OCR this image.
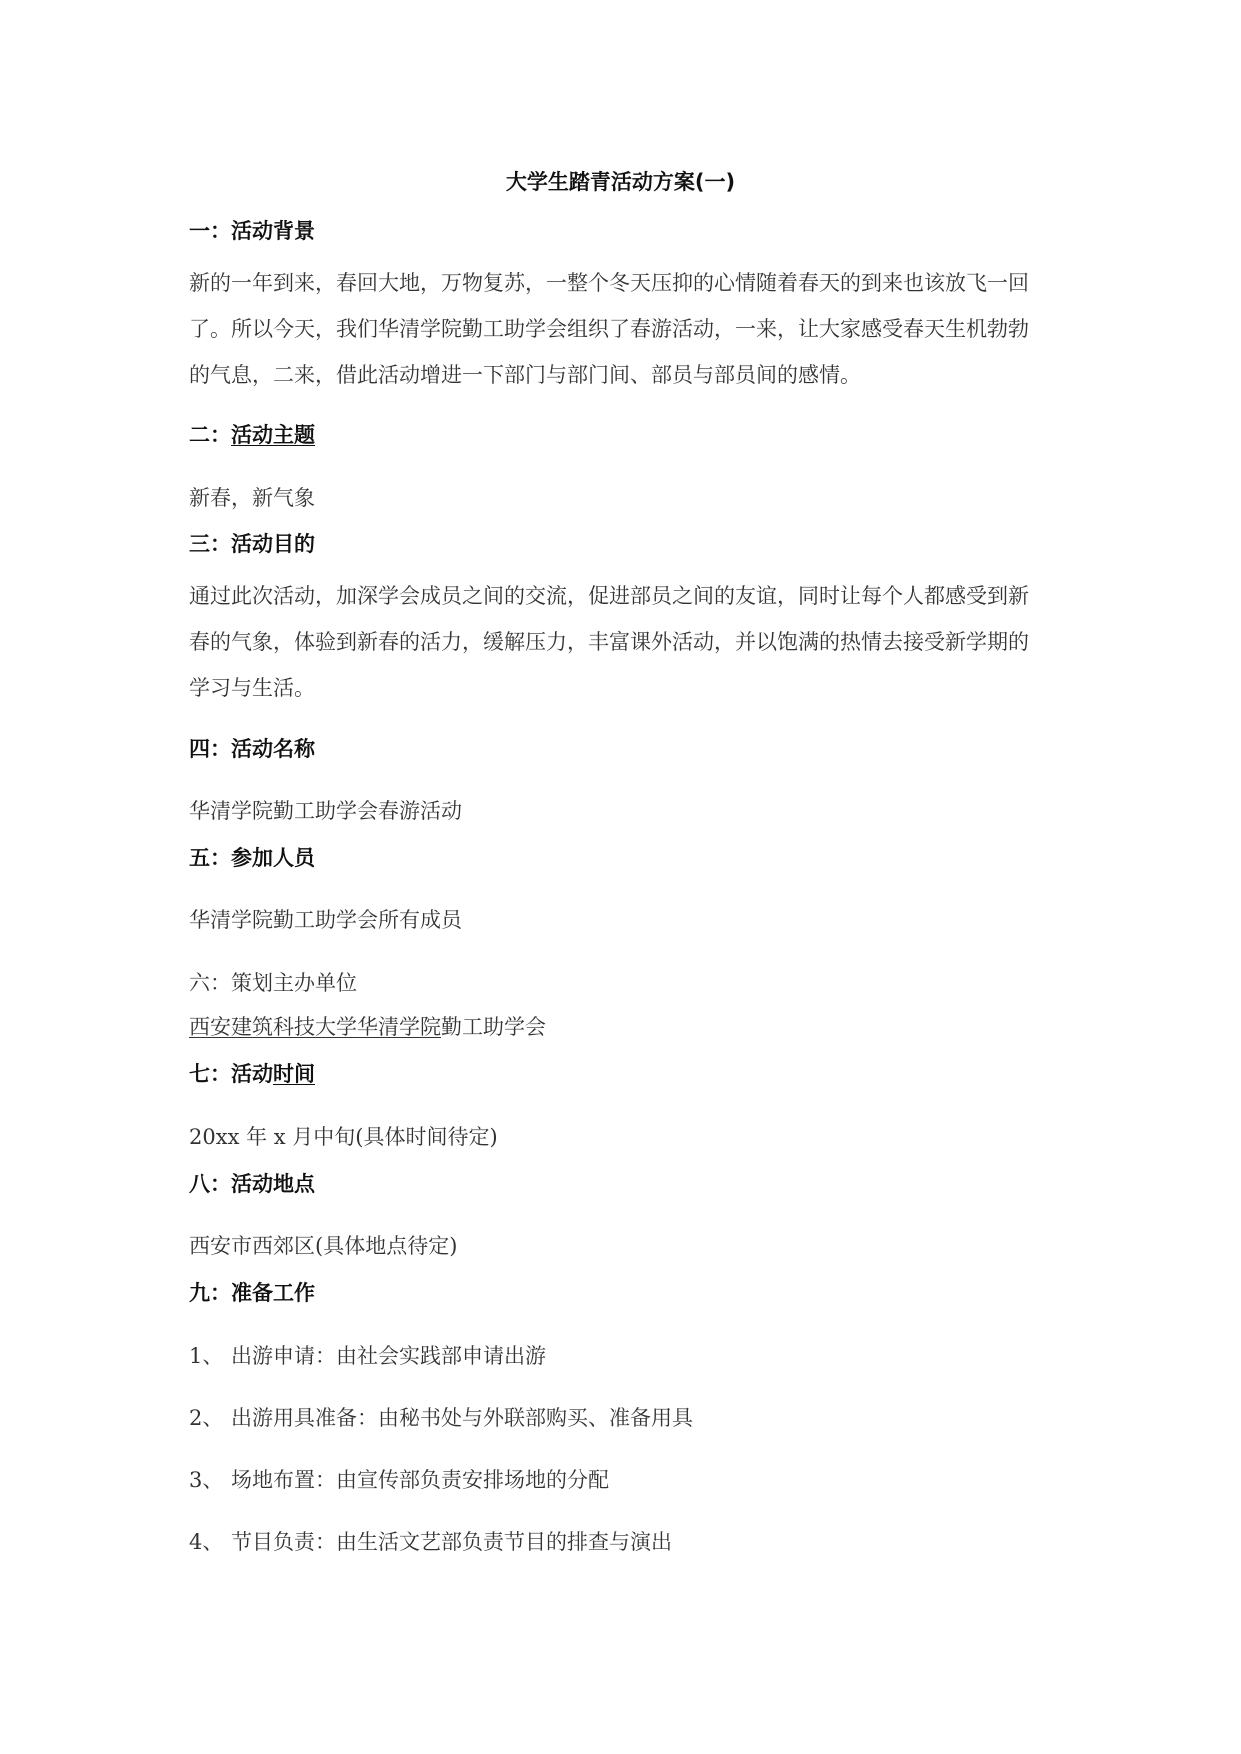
大学生踏青活动方案(一)
一：活动背景
新的一年到来，春回大地，万物复苏，一整个冬天压抑的心情随着春天的到来也该放飞一回
了。所以今天，我们华清学院勤工助学会组织了春游活动，一来，让大家感受春天生机勃勃
的气息，二来，借此活动增进一下部门与部门间、部员与部员间的感情。
二：活动主题
新春，新气象
三：活动目的
通过此次活动，加深学会成员之间的交流，促进部员之间的友谊，同时让每个人都感受到新
春的气象，体验到新春的活力，缓解压力，丰富课外活动，并以饱满的热情去接受新学期的
学习与生活。
四：活动名称
华清学院勤工助学会春游活动
五：参加人员
华清学院勤工助学会所有成员
六：策划主办单位
西安建筑科技大学华清学院勤工助学会
七：活动时间
20xx 年 x 月中旬(具体时间待定)
八：活动地点
西安市西郊区(具体地点待定)
九：准备工作
1、 出游申请：由社会实践部申请出游
2、 出游用具准备：由秘书处与外联部购买、准备用具
3、 场地布置：由宣传部负责安排场地的分配
4、 节目负责：由生活文艺部负责节目的排查与演出
